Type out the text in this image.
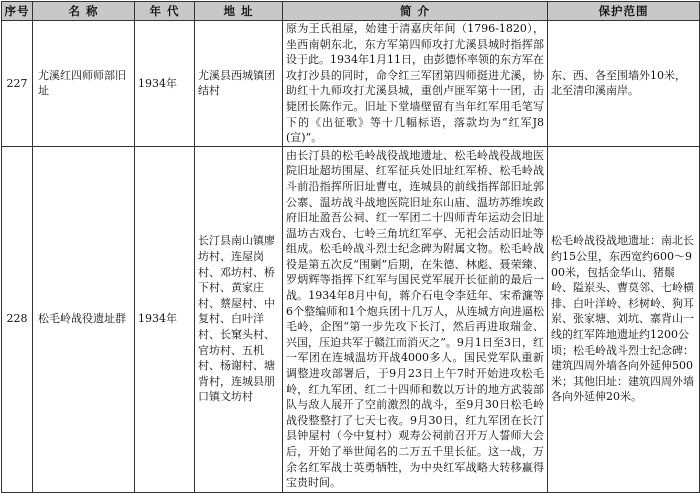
序号	名 称	年 代	地 址	简 介	保护范围
227	尤溪红四师师部旧址	1934年	尤溪县西城镇团结村	原为王氏祖屋，始建于清嘉庆年间（1796-1820），坐西南朝东北，东方军第四师攻打尤溪县城时指挥部设于此。1934年1月11日，由彭德怀率领的东方军在攻打沙县的同时，命令红三军团第四师挺进尤溪，协助红十九师攻打尤溪县城，重创卢匪军第十一团，击毙团长陈作元。旧址下堂墙壁留有当年红军用毛笔写下的《出征歌》等十几幅标语，落款均为“红军J8(宣)”。	东、西、各至围墙外10米，北至清印溪南岸。
228	松毛岭战役遗址群	1934年	长汀县南山镇廖坊村、连屋岗村、邓坊村、桥下村、黄家庄村、蔡屋村、中复村、白叶洋村、长窠头村、官坊村、五机村、杨谢村、塘背村，连城县朋口镇文坊村	由长汀县的松毛岭战役战地遗址、松毛岭战役战地医院旧址超坊围屋、红军征兵处旧址红军桥、松毛岭战斗前沿指挥所旧址曹屯，连城县的前线指挥部旧址郭公寨、温坊战斗战地医院旧址东山庙、温坊苏维埃政府旧址盈吾公祠、红一军团二十四师青年运动会旧址温坊古戏台、七岭三角坑红军亭、无祀会活动旧址等组成。松毛岭战斗烈士纪念碑为附属文物。松毛岭战役是第五次反“围剿”后期，在朱德、林彪、聂荣臻、罗炳辉等指挥下红军与国民党军展开长征前的最后一战。1934年8月中旬，蒋介石电令李廷年、宋希濂等6个整编师和1个炮兵团十几万人，从连城方向进逼松毛岭，企图“第一步先攻下长汀，然后再进取瑞金、兴国，压迫共军于赣江而消灭之”。9月1日至3日，红一军团在连城温坊开战4000多人。国民党军队重新调整进攻部署后，于9月23日上午7时开始进攻松毛岭，红九军团、红二十四师和数以万计的地方武装部队与敌人展开了空前激烈的战斗，至9月30日松毛岭战役整整打了七天七夜。9月30日，红九军团在长汀县钟屋村（今中复村）观寿公祠前召开万人誓师大会后，开始了举世闻名的二万五千里长征。这一战，万余名红军战士英勇牺牲，为中央红军战略大转移赢得宝贵时间。	松毛岭战役战地遗址：南北长约15公里，东西宽约600～900米，包括金华山、猪鬃岭、隘岽头、曹莫邻、七岭横排、白叶洋岭、杉树岭、狗耳岽、张家塘、刘坑、寨背山一线的红军阵地遗址约1200公顷；松毛岭战斗烈士纪念碑：建筑四周外墙各向外延伸500米；其他旧址：建筑四周外墙各向外延伸20米。
